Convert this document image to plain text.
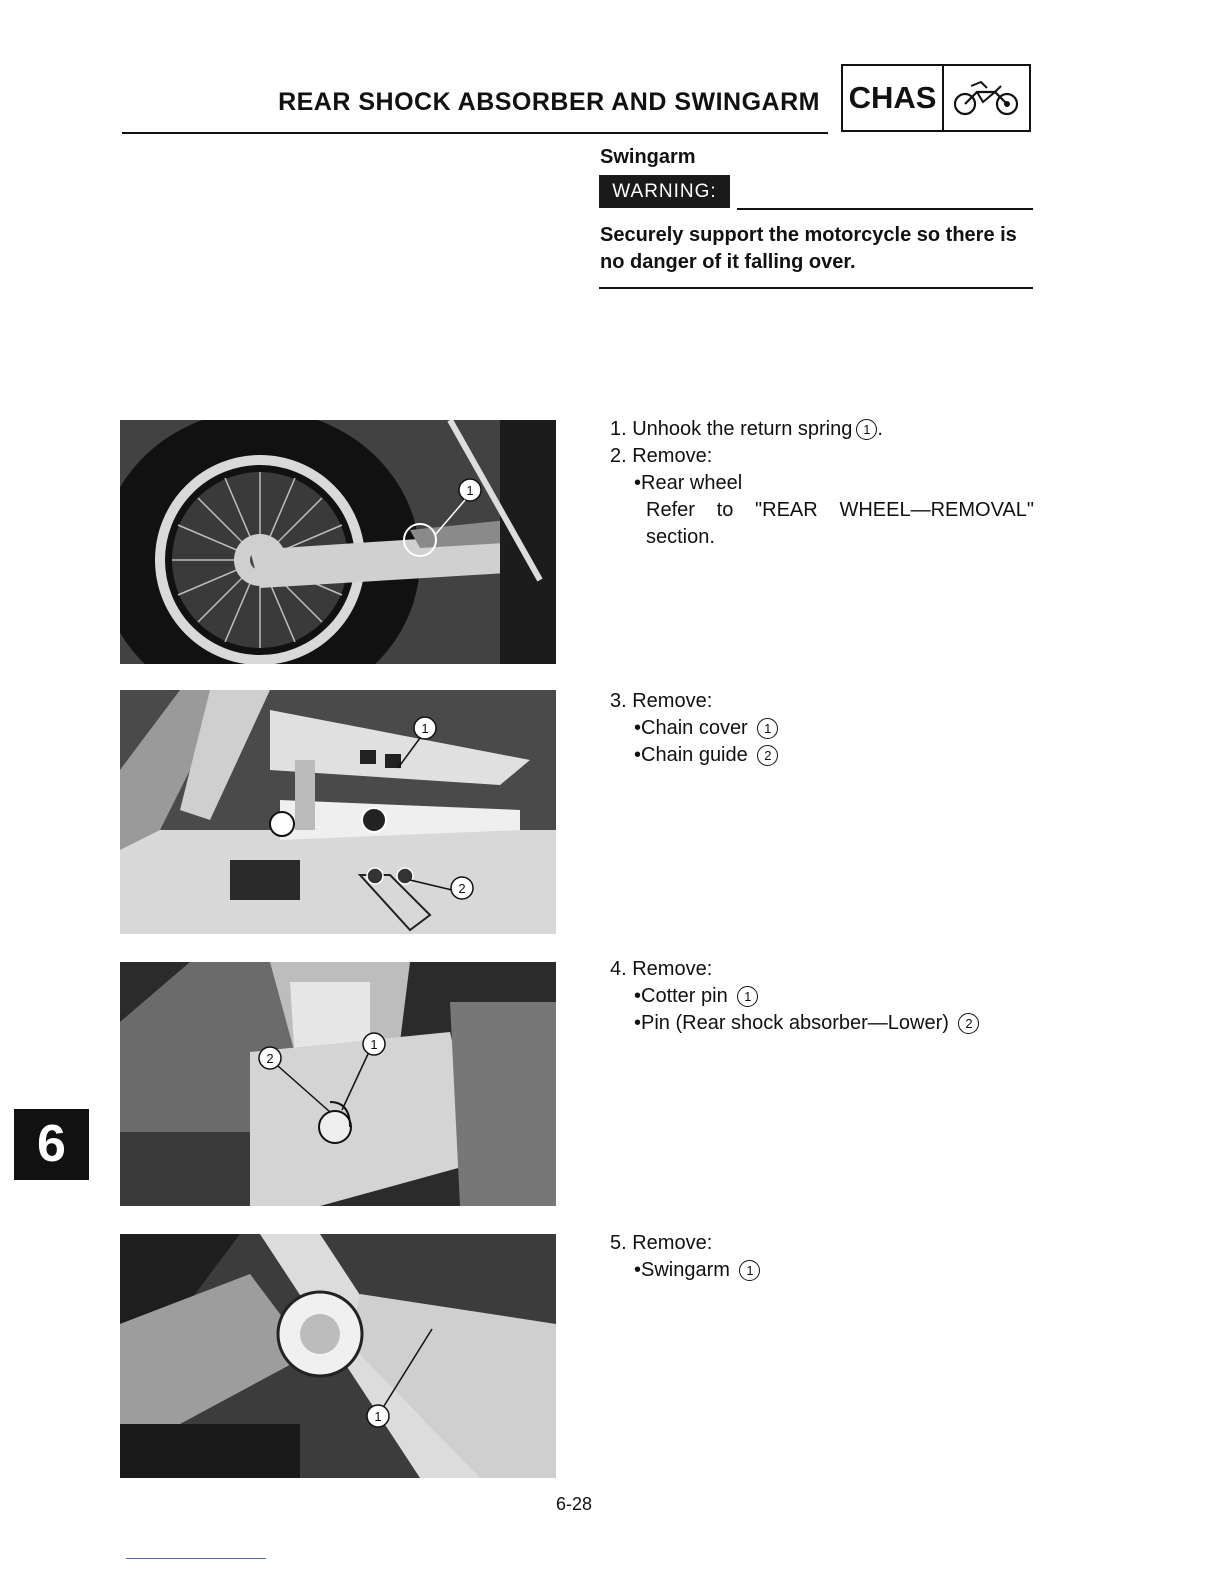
REAR SHOCK ABSORBER AND SWINGARM CHAS
Swingarm
WARNING:
Securely support the motorcycle so there is no danger of it falling over.
1
1
2
2
1
1
1. Unhook the return spring 1 .
2. Remove:
•Rear wheel
Refer to "REAR WHEEL—REMOVAL"
section.
3. Remove:
•Chain cover 1
•Chain guide 2
4. Remove:
•Cotter pin 1
•Pin (Rear shock absorber—Lower) 2
5. Remove:
•Swingarm 1
6
6-28
